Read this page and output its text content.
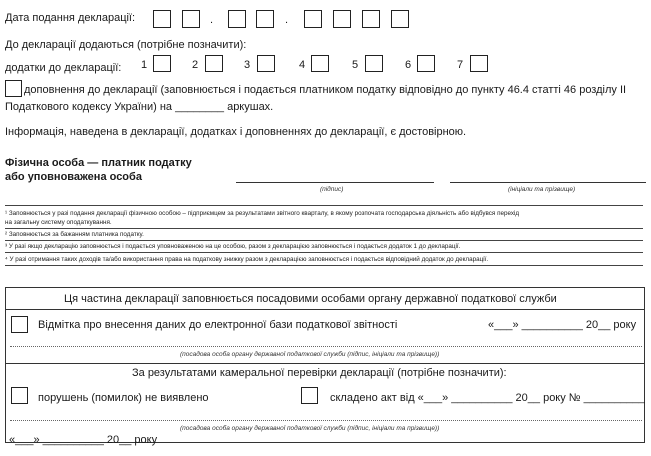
Дата подання декларації:	.	.
До декларації додаються (потрібне позначити):
додатки до декларації: 1	2	3	4	5	6	7
доповнення до декларації (заповнюється і подається платником податку відповідно до пункту 46.4 статті 46 розділу II
Податкового кодексу України) на ________ аркушах.
Інформація, наведена в декларації, додатках і доповненнях до декларації, є достовірною.
Фізична особа — платник податку
або уповноважена особа
(підпис)	(ініціали та прізвище)
¹ Заповнюється у разі подання декларації фізичною особою – підприємцем за результатами звітного кварталу, в якому розпочата господарська діяльність або відбувся перехід
на загальну систему оподаткування.
² Заповнюється за бажанням платника податку.
³ У разі якщо декларацію заповнюється і подається уповноваженою на це особою, разом з декларацією заповнюється і подається додаток 1 до декларації.
⁴ У разі отримання таких доходів та/або використання права на податкову знижку разом з декларацією заповнюється і подається відповідний додаток до декларації.
Ця частина декларації заповнюється посадовими особами органу державної податкової служби
Відмітка про внесення даних до електронної бази податкової звітності	«___» __________ 20__ року
(посадова особа органу державної податкової служби (підпис, ініціали та прізвище))
За результатами камеральної перевірки декларації (потрібне позначити):
порушень (помилок) не виявлено	складено акт від «___» __________ 20__ року № __________
(посадова особа органу державної податкової служби (підпис, ініціали та прізвище))
«___» __________ 20__ року
